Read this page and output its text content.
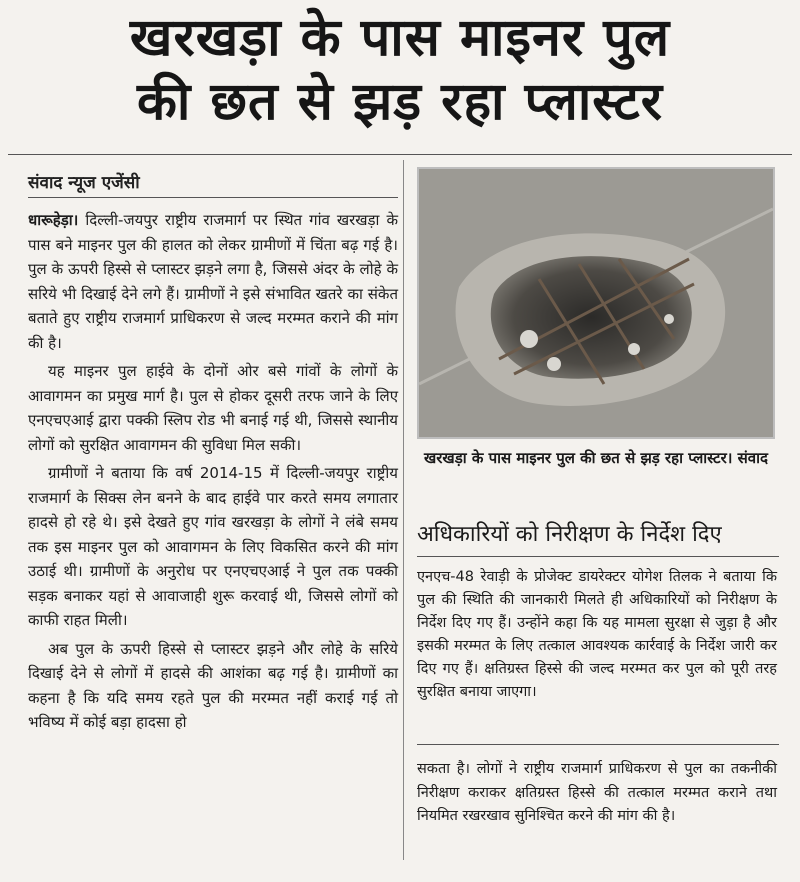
खरखड़ा के पास माइनर पुल
की छत से झड़ रहा प्लास्टर
संवाद न्यूज एजेंसी

धारूहेड़ा। दिल्ली-जयपुर राष्ट्रीय राजमार्ग पर स्थित गांव खरखड़ा के पास बने माइनर पुल की हालत को लेकर ग्रामीणों में चिंता बढ़ गई है। पुल के ऊपरी हिस्से से प्लास्टर झड़ने लगा है, जिससे अंदर के लोहे के सरिये भी दिखाई देने लगे हैं। ग्रामीणों ने इसे संभावित खतरे का संकेत बताते हुए राष्ट्रीय राजमार्ग प्राधिकरण से जल्द मरम्मत कराने की मांग की है।

यह माइनर पुल हाईवे के दोनों ओर बसे गांवों के लोगों के आवागमन का प्रमुख मार्ग है। पुल से होकर दूसरी तरफ जाने के लिए एनएचएआई द्वारा पक्की स्लिप रोड भी बनाई गई थी, जिससे स्थानीय लोगों को सुरक्षित आवागमन की सुविधा मिल सकी।

ग्रामीणों ने बताया कि वर्ष 2014-15 में दिल्ली-जयपुर राष्ट्रीय राजमार्ग के सिक्स लेन बनने के बाद हाईवे पार करते समय लगातार हादसे हो रहे थे। इसे देखते हुए गांव खरखड़ा के लोगों ने लंबे समय तक इस माइनर पुल को आवागमन के लिए विकसित करने की मांग उठाई थी। ग्रामीणों के अनुरोध पर एनएचएआई ने पुल तक पक्की सड़क बनाकर यहां से आवाजाही शुरू करवाई थी, जिससे लोगों को काफी राहत मिली।

अब पुल के ऊपरी हिस्से से प्लास्टर झड़ने और लोहे के सरिये दिखाई देने से लोगों में हादसे की आशंका बढ़ गई है। ग्रामीणों का कहना है कि यदि समय रहते पुल की मरम्मत नहीं कराई गई तो भविष्य में कोई बड़ा हादसा हो

खरखड़ा के पास माइनर पुल की छत से झड़ रहा प्लास्टर। संवाद
अधिकारियों को निरीक्षण के निर्देश दिए

एनएच-48 रेवाड़ी के प्रोजेक्ट डायरेक्टर योगेश तिलक ने बताया कि पुल की स्थिति की जानकारी मिलते ही अधिकारियों को निरीक्षण के निर्देश दिए गए हैं। उन्होंने कहा कि यह मामला सुरक्षा से जुड़ा है और इसकी मरम्मत के लिए तत्काल आवश्यक कार्रवाई के निर्देश जारी कर दिए गए हैं। क्षतिग्रस्त हिस्से की जल्द मरम्मत कर पुल को पूरी तरह सुरक्षित बनाया जाएगा।

सकता है। लोगों ने राष्ट्रीय राजमार्ग प्राधिकरण से पुल का तकनीकी निरीक्षण कराकर क्षतिग्रस्त हिस्से की तत्काल मरम्मत कराने तथा नियमित रखरखाव सुनिश्चित करने की मांग की है।
